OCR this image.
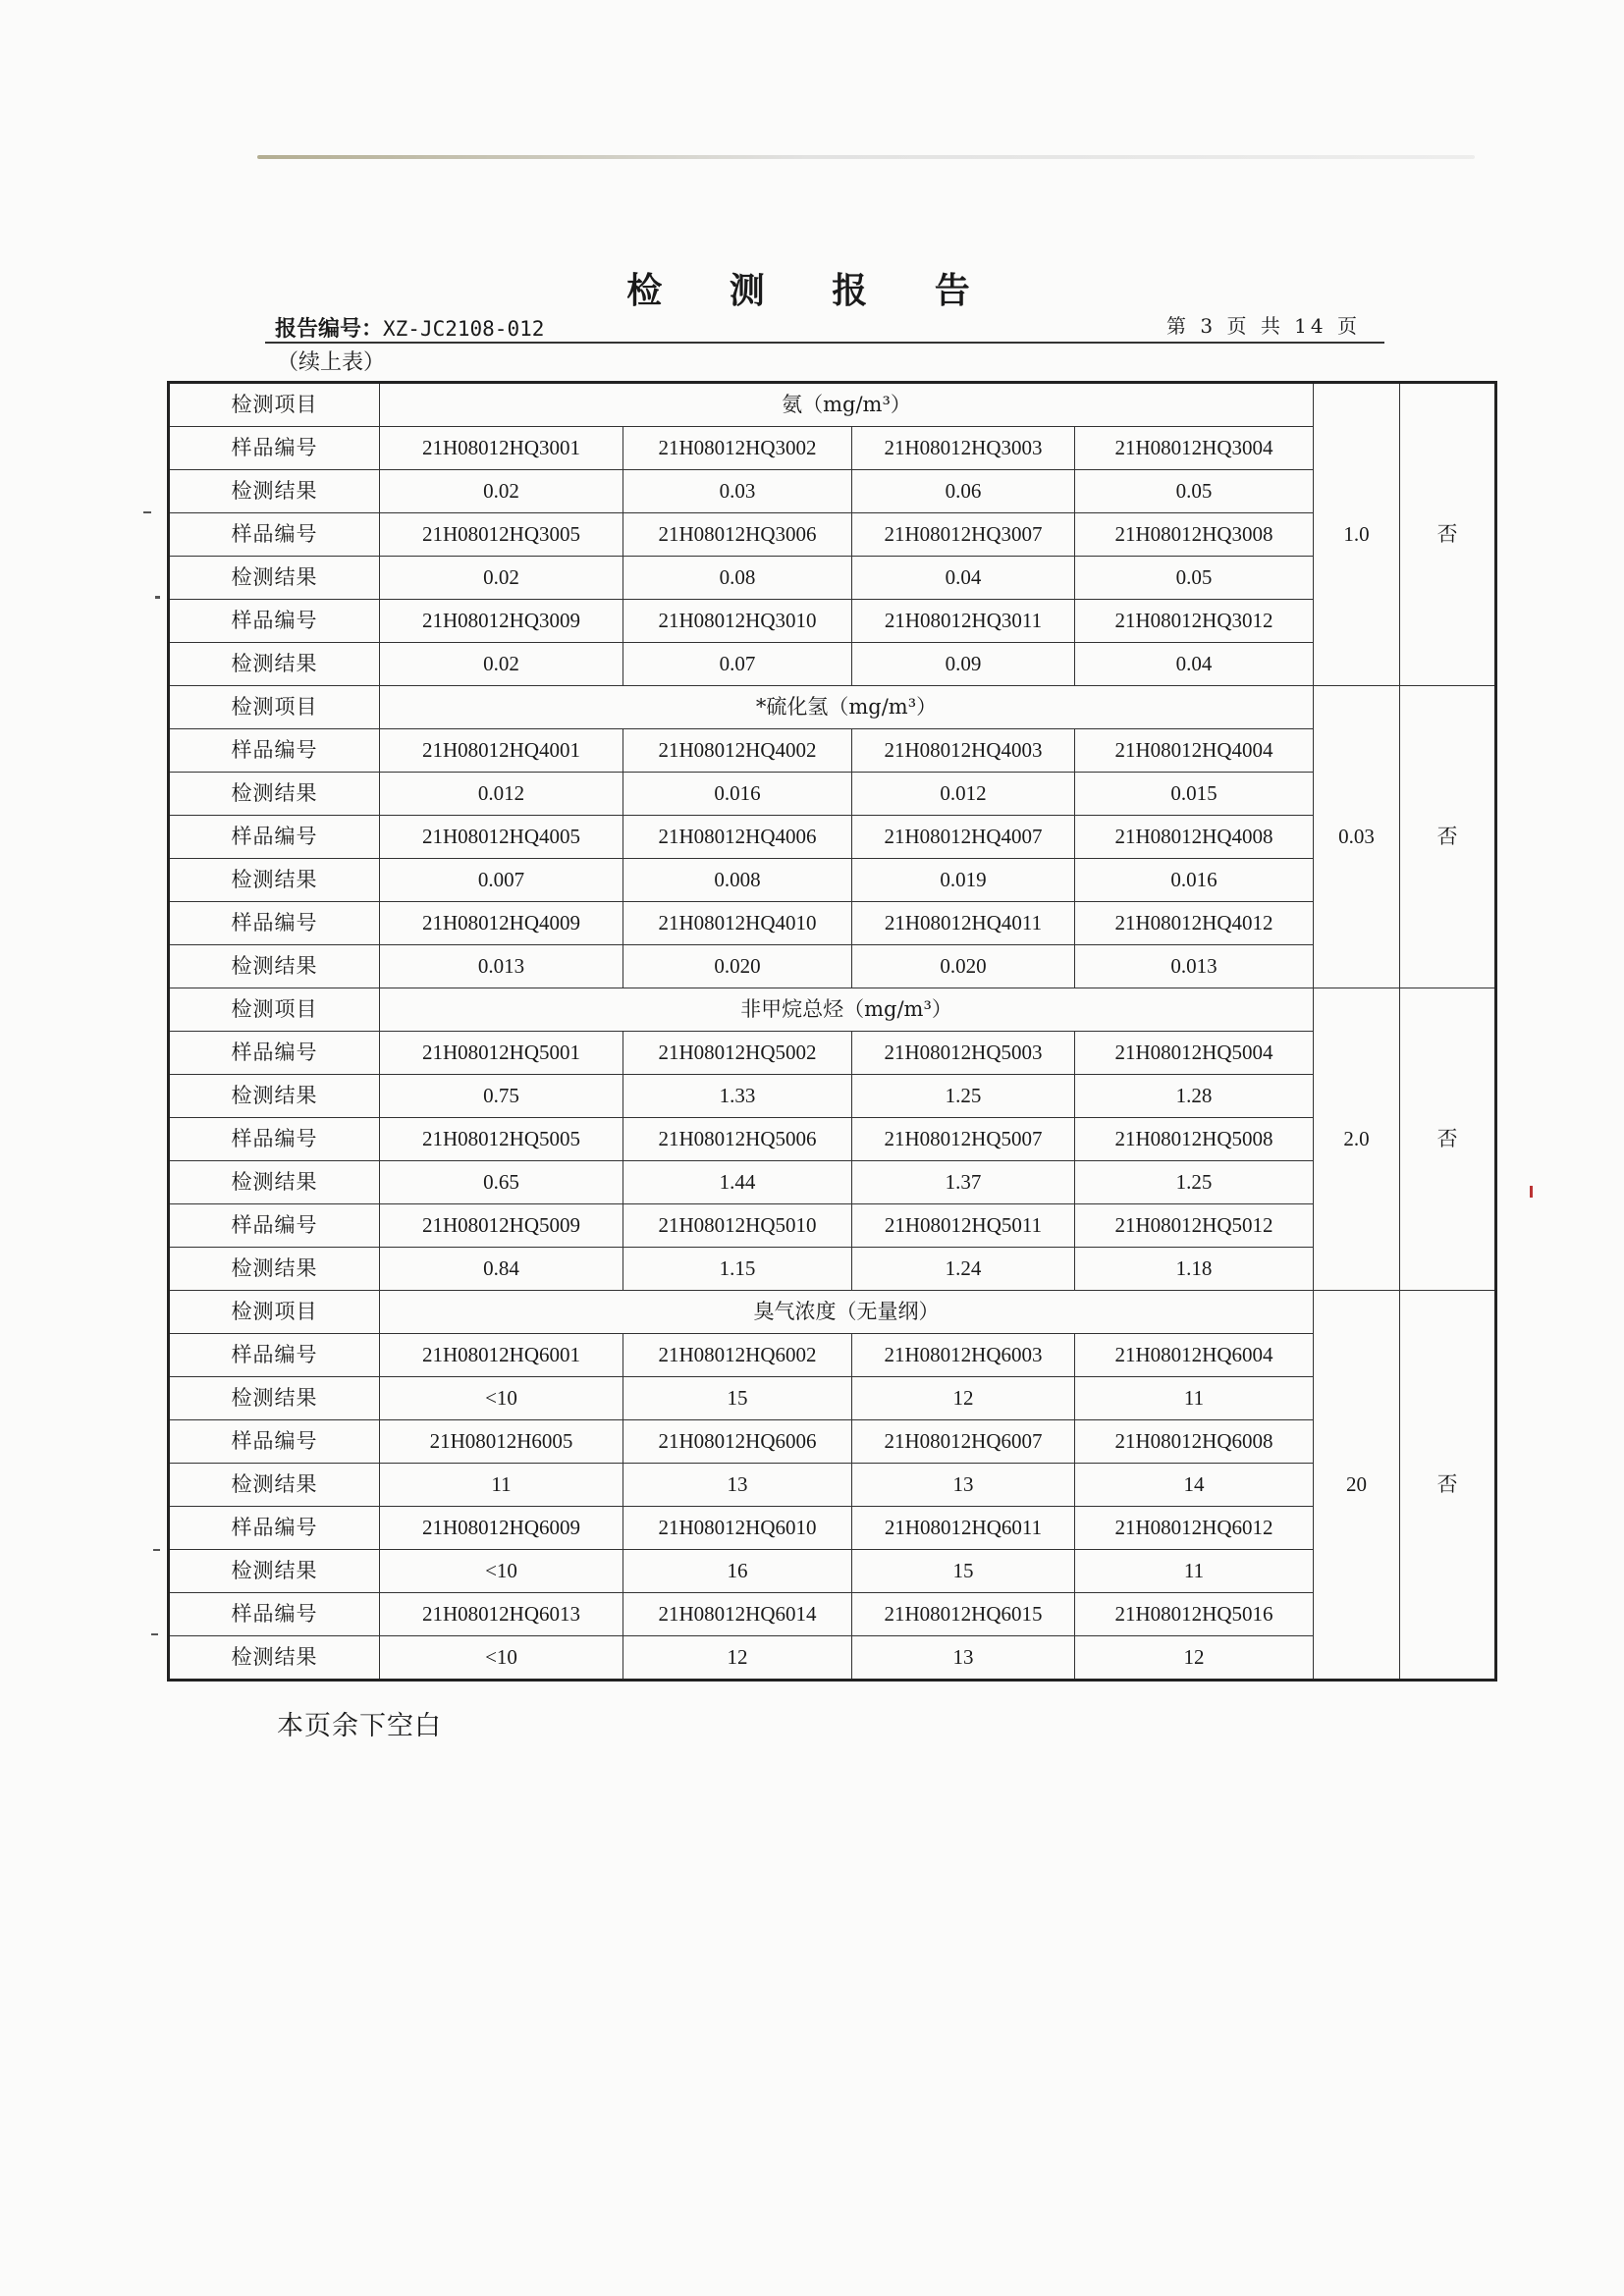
检 测 报 告
报告编号：XZ-JC2108-012	第 3 页 共 14 页
（续上表）
检测项目	氨（mg/m³）				1.0	否
样品编号	21H08012HQ3001	21H08012HQ3002	21H08012HQ3003	21H08012HQ3004		
检测结果	0.02	0.03	0.06	0.05		
样品编号	21H08012HQ3005	21H08012HQ3006	21H08012HQ3007	21H08012HQ3008		
检测结果	0.02	0.08	0.04	0.05		
样品编号	21H08012HQ3009	21H08012HQ3010	21H08012HQ3011	21H08012HQ3012		
检测结果	0.02	0.07	0.09	0.04		
检测项目	*硫化氢（mg/m³）				0.03	否
样品编号	21H08012HQ4001	21H08012HQ4002	21H08012HQ4003	21H08012HQ4004		
检测结果	0.012	0.016	0.012	0.015		
样品编号	21H08012HQ4005	21H08012HQ4006	21H08012HQ4007	21H08012HQ4008		
检测结果	0.007	0.008	0.019	0.016		
样品编号	21H08012HQ4009	21H08012HQ4010	21H08012HQ4011	21H08012HQ4012		
检测结果	0.013	0.020	0.020	0.013		
检测项目	非甲烷总烃（mg/m³）				2.0	否
样品编号	21H08012HQ5001	21H08012HQ5002	21H08012HQ5003	21H08012HQ5004		
检测结果	0.75	1.33	1.25	1.28		
样品编号	21H08012HQ5005	21H08012HQ5006	21H08012HQ5007	21H08012HQ5008		
检测结果	0.65	1.44	1.37	1.25		
样品编号	21H08012HQ5009	21H08012HQ5010	21H08012HQ5011	21H08012HQ5012		
检测结果	0.84	1.15	1.24	1.18		
检测项目	臭气浓度（无量纲）				20	否
样品编号	21H08012HQ6001	21H08012HQ6002	21H08012HQ6003	21H08012HQ6004		
检测结果	<10	15	12	11		
样品编号	21H08012H6005	21H08012HQ6006	21H08012HQ6007	21H08012HQ6008		
检测结果	11	13	13	14		
样品编号	21H08012HQ6009	21H08012HQ6010	21H08012HQ6011	21H08012HQ6012		
检测结果	<10	16	15	11		
样品编号	21H08012HQ6013	21H08012HQ6014	21H08012HQ6015	21H08012HQ5016		
检测结果	<10	12	13	12		
本页余下空白
